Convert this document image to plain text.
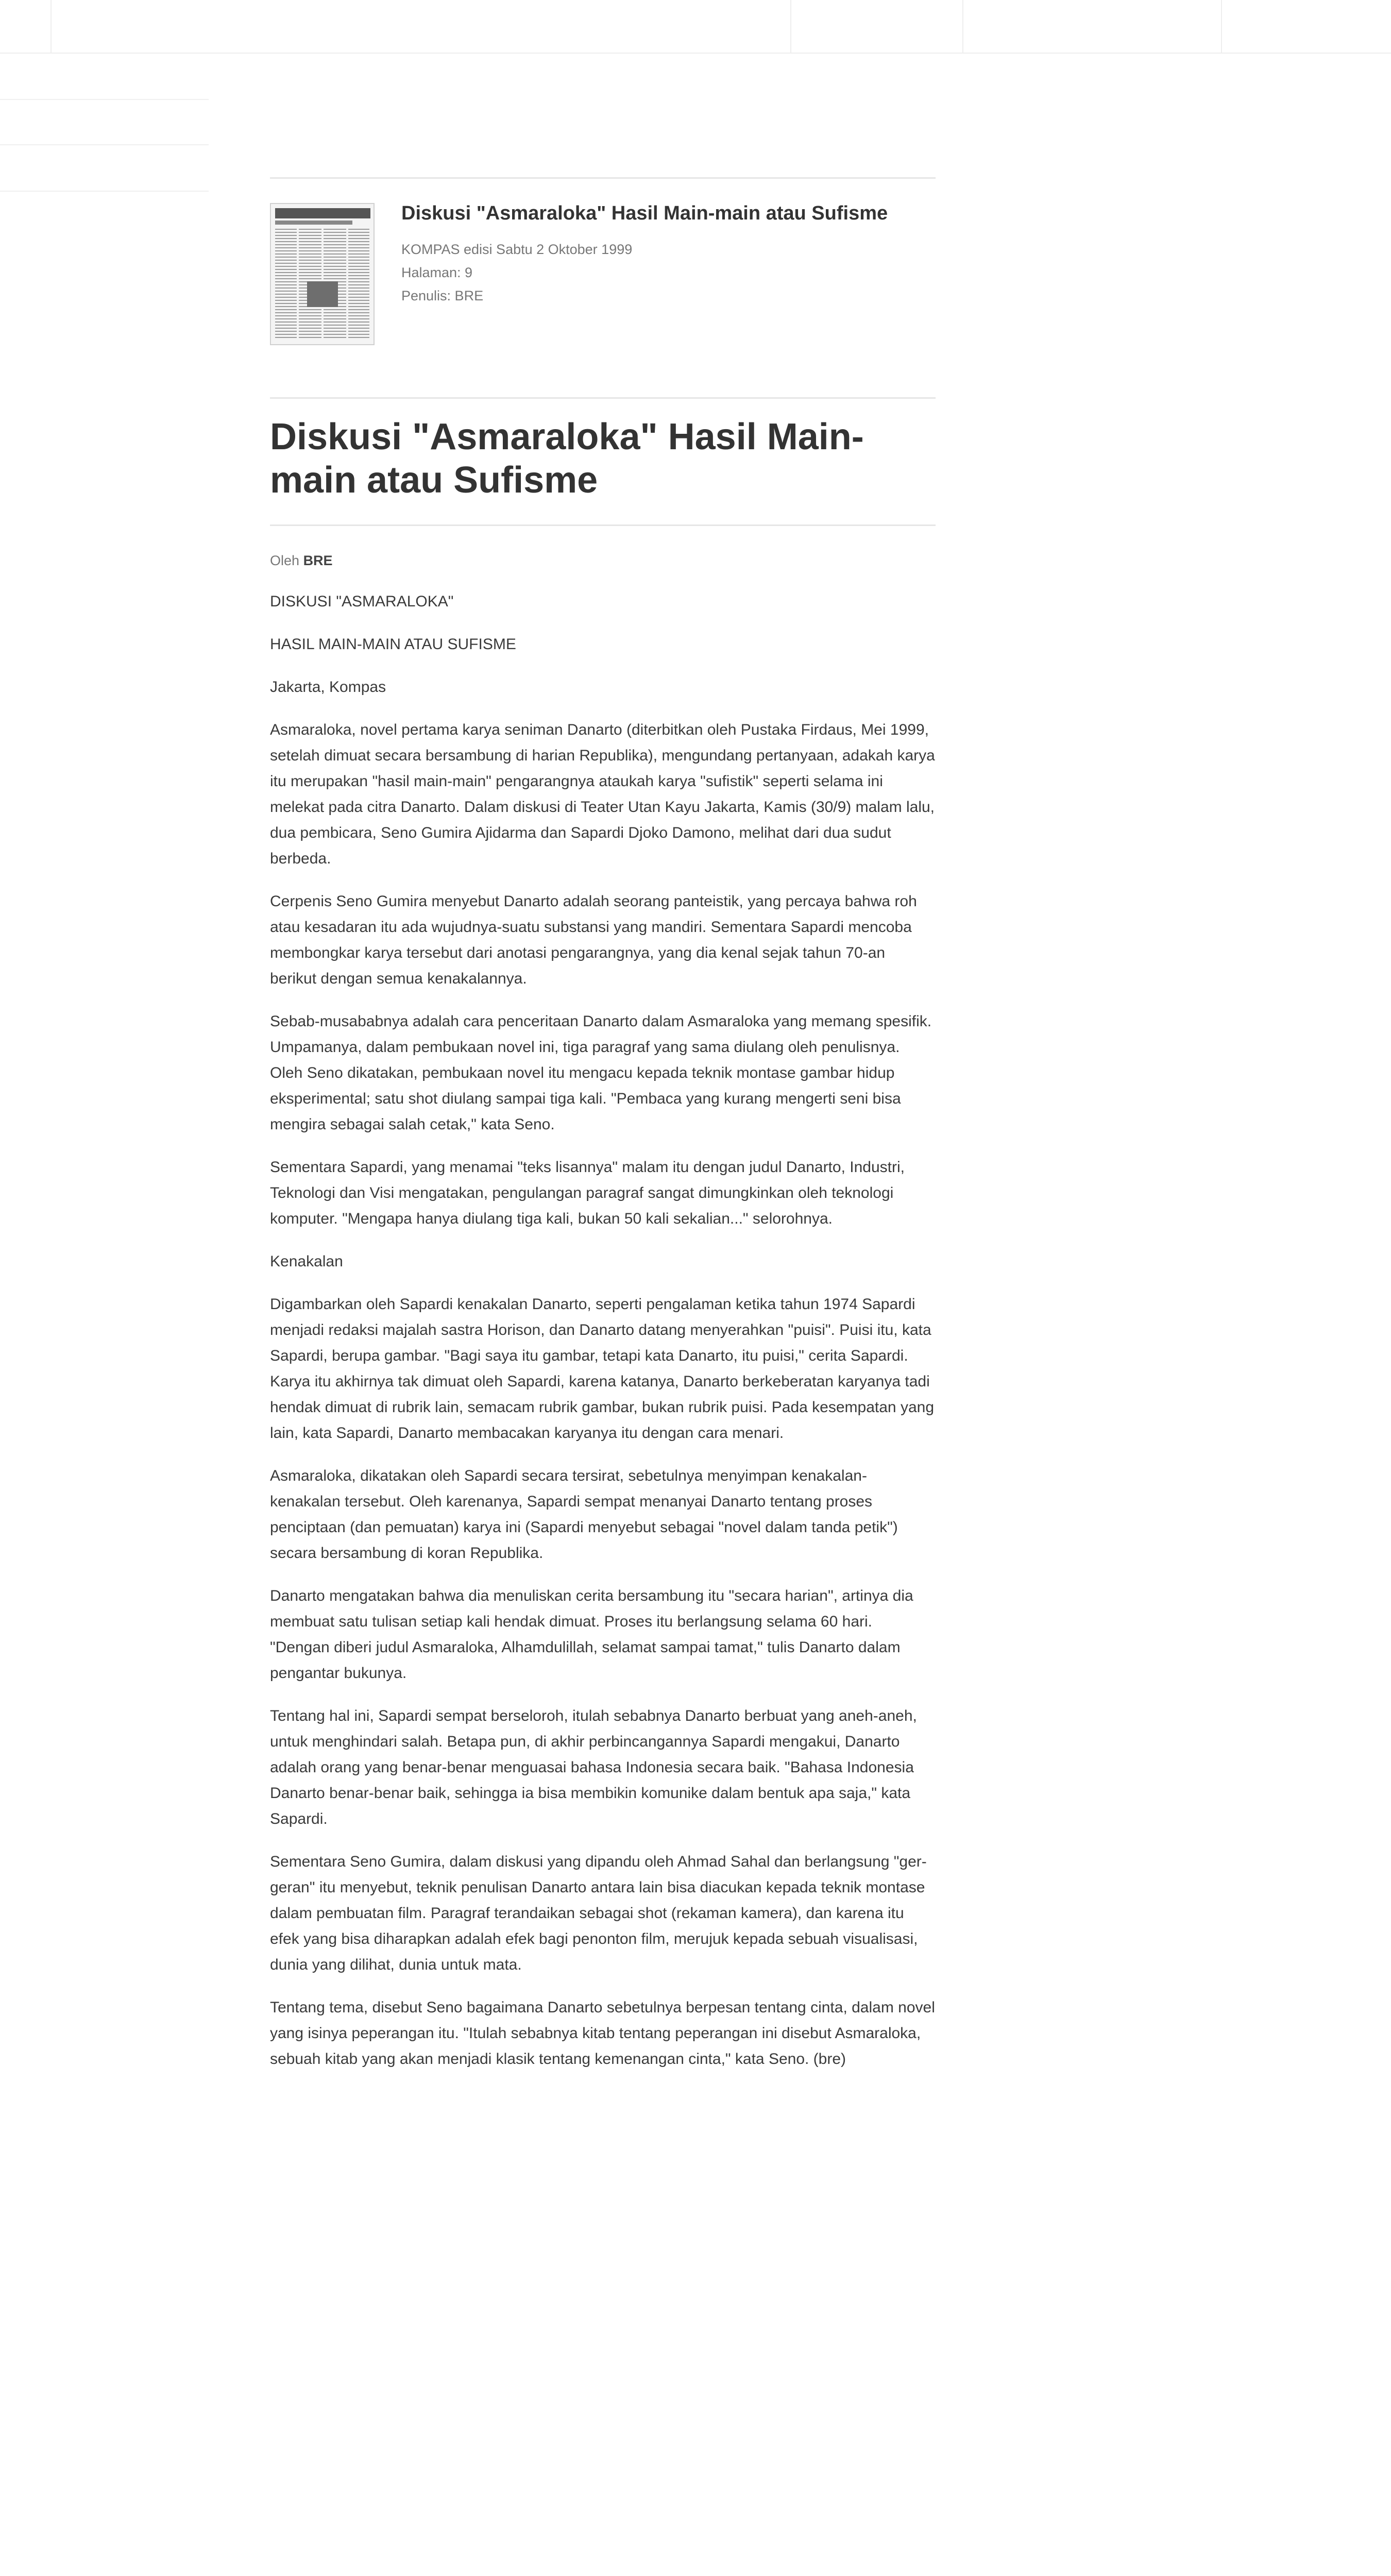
Diskusi "Asmaraloka" Hasil Main-main atau Sufisme
KOMPAS edisi Sabtu 2 Oktober 1999
Halaman: 9
Penulis: BRE
Diskusi "Asmaraloka" Hasil Main-main atau Sufisme
Oleh BRE

DISKUSI "ASMARALOKA"

HASIL MAIN-MAIN ATAU SUFISME

Jakarta, Kompas

Asmaraloka, novel pertama karya seniman Danarto (diterbitkan oleh Pustaka Firdaus, Mei 1999, setelah dimuat secara bersambung di harian Republika), mengundang pertanyaan, adakah karya itu merupakan "hasil main-main" pengarangnya ataukah karya "sufistik" seperti selama ini melekat pada citra Danarto. Dalam diskusi di Teater Utan Kayu Jakarta, Kamis (30/9) malam lalu, dua pembicara, Seno Gumira Ajidarma dan Sapardi Djoko Damono, melihat dari dua sudut berbeda.

Cerpenis Seno Gumira menyebut Danarto adalah seorang panteistik, yang percaya bahwa roh atau kesadaran itu ada wujudnya-suatu substansi yang mandiri. Sementara Sapardi mencoba membongkar karya tersebut dari anotasi pengarangnya, yang dia kenal sejak tahun 70-an berikut dengan semua kenakalannya.

Sebab-musababnya adalah cara penceritaan Danarto dalam Asmaraloka yang memang spesifik. Umpamanya, dalam pembukaan novel ini, tiga paragraf yang sama diulang oleh penulisnya. Oleh Seno dikatakan, pembukaan novel itu mengacu kepada teknik montase gambar hidup eksperimental; satu shot diulang sampai tiga kali. "Pembaca yang kurang mengerti seni bisa mengira sebagai salah cetak," kata Seno.

Sementara Sapardi, yang menamai "teks lisannya" malam itu dengan judul Danarto, Industri, Teknologi dan Visi mengatakan, pengulangan paragraf sangat dimungkinkan oleh teknologi komputer. "Mengapa hanya diulang tiga kali, bukan 50 kali sekalian..." selorohnya.

Kenakalan

Digambarkan oleh Sapardi kenakalan Danarto, seperti pengalaman ketika tahun 1974 Sapardi menjadi redaksi majalah sastra Horison, dan Danarto datang menyerahkan "puisi". Puisi itu, kata Sapardi, berupa gambar. "Bagi saya itu gambar, tetapi kata Danarto, itu puisi," cerita Sapardi. Karya itu akhirnya tak dimuat oleh Sapardi, karena katanya, Danarto berkeberatan karyanya tadi hendak dimuat di rubrik lain, semacam rubrik gambar, bukan rubrik puisi. Pada kesempatan yang lain, kata Sapardi, Danarto membacakan karyanya itu dengan cara menari.

Asmaraloka, dikatakan oleh Sapardi secara tersirat, sebetulnya menyimpan kenakalan-kenakalan tersebut. Oleh karenanya, Sapardi sempat menanyai Danarto tentang proses penciptaan (dan pemuatan) karya ini (Sapardi menyebut sebagai "novel dalam tanda petik") secara bersambung di koran Republika.

Danarto mengatakan bahwa dia menuliskan cerita bersambung itu "secara harian", artinya dia membuat satu tulisan setiap kali hendak dimuat. Proses itu berlangsung selama 60 hari. "Dengan diberi judul Asmaraloka, Alhamdulillah, selamat sampai tamat," tulis Danarto dalam pengantar bukunya.

Tentang hal ini, Sapardi sempat berseloroh, itulah sebabnya Danarto berbuat yang aneh-aneh, untuk menghindari salah. Betapa pun, di akhir perbincangannya Sapardi mengakui, Danarto adalah orang yang benar-benar menguasai bahasa Indonesia secara baik. "Bahasa Indonesia Danarto benar-benar baik, sehingga ia bisa membikin komunike dalam bentuk apa saja," kata Sapardi.

Sementara Seno Gumira, dalam diskusi yang dipandu oleh Ahmad Sahal dan berlangsung "ger-geran" itu menyebut, teknik penulisan Danarto antara lain bisa diacukan kepada teknik montase dalam pembuatan film. Paragraf terandaikan sebagai shot (rekaman kamera), dan karena itu efek yang bisa diharapkan adalah efek bagi penonton film, merujuk kepada sebuah visualisasi, dunia yang dilihat, dunia untuk mata.

Tentang tema, disebut Seno bagaimana Danarto sebetulnya berpesan tentang cinta, dalam novel yang isinya peperangan itu. "Itulah sebabnya kitab tentang peperangan ini disebut Asmaraloka, sebuah kitab yang akan menjadi klasik tentang kemenangan cinta," kata Seno. (bre)
